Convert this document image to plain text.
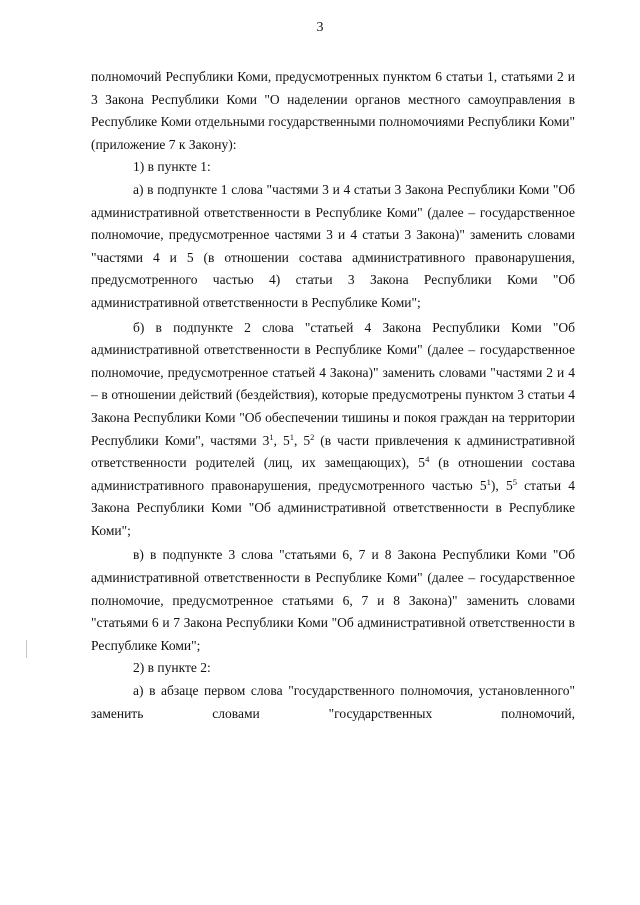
3

полномочий Республики Коми, предусмотренных пунктом 6 статьи 1, статьями 2 и 3 Закона Республики Коми "О наделении органов местного самоуправления в Республике Коми отдельными государственными полномочиями Республики Коми" (приложение 7 к Закону):

1) в пункте 1:

а) в подпункте 1 слова "частями 3 и 4 статьи 3 Закона Республики Коми "Об административной ответственности в Республике Коми" (далее – государственное полномочие, предусмотренное частями 3 и 4 статьи 3 Закона)" заменить словами "частями 4 и 5 (в отношении состава административного правонарушения, предусмотренного частью 4) статьи 3 Закона Республики Коми "Об административной ответственности в Республике Коми";

б) в подпункте 2 слова "статьей 4 Закона Республики Коми "Об административной ответственности в Республике Коми" (далее – государственное полномочие, предусмотренное статьей 4 Закона)" заменить словами "частями 2 и 4 – в отношении действий (бездействия), которые предусмотрены пунктом 3 статьи 4 Закона Республики Коми "Об обеспечении тишины и покоя граждан на территории Республики Коми", частями $3^1$, $5^1$, $5^2$ (в части привлечения к административной ответственности родителей (лиц, их замещающих), $5^4$ (в отношении состава административного правонарушения, предусмотренного частью $5^1$), $5^5$ статьи 4 Закона Республики Коми "Об административной ответственности в Республике Коми";

в) в подпункте 3 слова "статьями 6, 7 и 8 Закона Республики Коми "Об административной ответственности в Республике Коми" (далее – государственное полномочие, предусмотренное статьями 6, 7 и 8 Закона)" заменить словами "статьями 6 и 7 Закона Республики Коми "Об административной ответственности в Республике Коми";

2) в пункте 2:

а) в абзаце первом слова "государственного полномочия, установленного" заменить словами "государственных полномочий,
